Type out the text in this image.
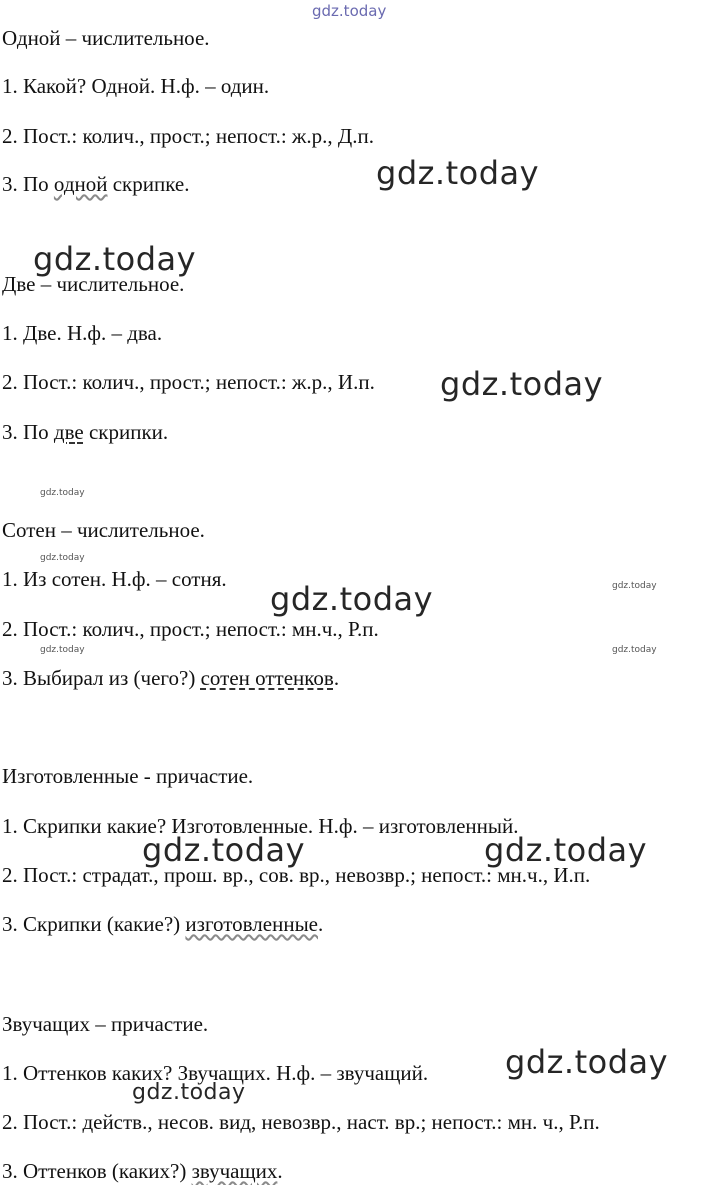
gdz.today
Одной – числительное.
1. Какой? Одной. Н.ф. – один.
2. Пост.: колич., прост.; непост.: ж.р., Д.п.
3. По одной скрипке.
Две – числительное.
1. Две. Н.ф. – два.
2. Пост.: колич., прост.; непост.: ж.р., И.п.
3. По две скрипки.
Сотен – числительное.
1. Из сотен. Н.ф. – сотня.
2. Пост.: колич., прост.; непост.: мн.ч., Р.п.
3. Выбирал из (чего?) сотен оттенков.
Изготовленные - причастие.
1. Скрипки какие? Изготовленные. Н.ф. – изготовленный.
2. Пост.: страдат., прош. вр., сов. вр., невозвр.; непост.: мн.ч., И.п.
3. Скрипки (какие?) изготовленные.
Звучащих – причастие.
1. Оттенков каких? Звучащих. Н.ф. – звучащий.
2. Пост.: действ., несов. вид, невозвр., наст. вр.; непост.: мн. ч., Р.п.
3. Оттенков (каких?) звучащих.
gdz.today
gdz.today
gdz.today
gdz.today
gdz.today	gdz.today
gdz.today
gdz.today
gdz.today
gdz.today
gdz.today
gdz.today	gdz.today
